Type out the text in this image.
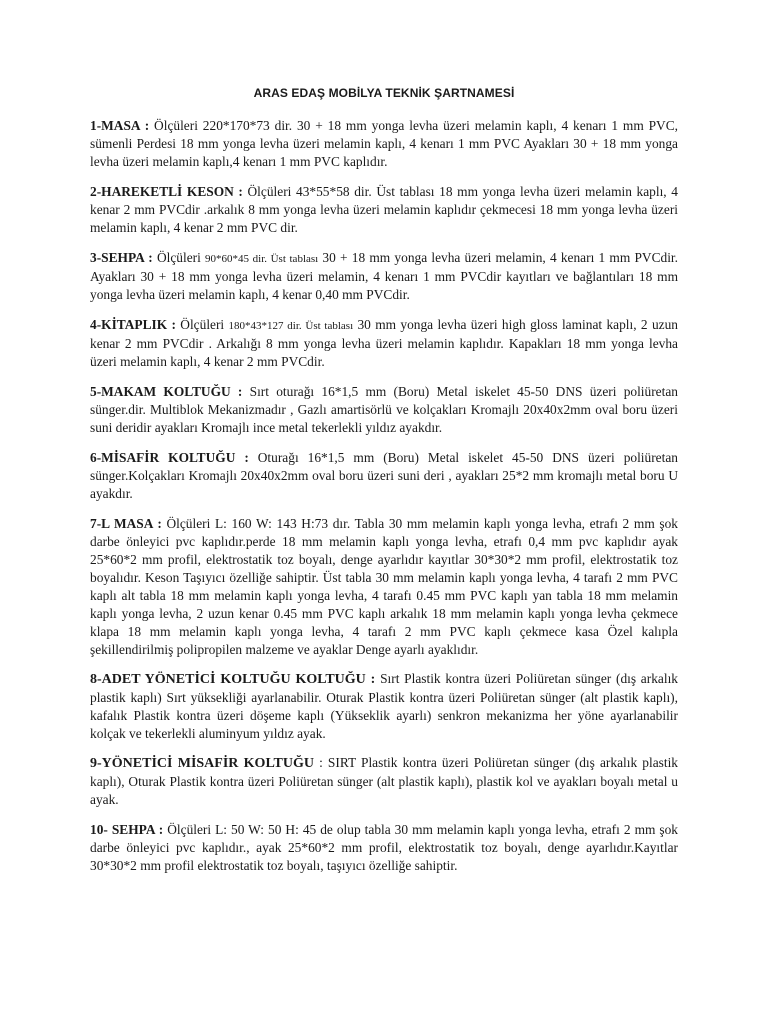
ARAS EDAŞ MOBİLYA TEKNİK ŞARTNAMESİ

1-MASA : Ölçüleri 220*170*73 dir. 30 + 18 mm yonga levha üzeri melamin kaplı, 4 kenarı 1 mm PVC, sümenli Perdesi 18 mm yonga levha üzeri melamin kaplı, 4 kenarı 1 mm PVC Ayakları 30 + 18 mm yonga levha üzeri melamin kaplı,4 kenarı 1 mm PVC kaplıdır.

2-HAREKETLİ KESON : Ölçüleri 43*55*58 dir. Üst tablası 18 mm yonga levha üzeri melamin kaplı, 4 kenar 2 mm PVCdir .arkalık 8 mm yonga levha üzeri melamin kaplıdır çekmecesi 18 mm yonga levha üzeri melamin kaplı, 4 kenar 2 mm PVC dir.

3-SEHPA : Ölçüleri 90*60*45 dir. Üst tablası 30 + 18 mm yonga levha üzeri melamin, 4 kenarı 1 mm PVCdir. Ayakları 30 + 18 mm yonga levha üzeri melamin, 4 kenarı 1 mm PVCdir kayıtları ve bağlantıları 18 mm yonga levha üzeri melamin kaplı, 4 kenar 0,40 mm PVCdir.

4-KİTAPLIK : Ölçüleri 180*43*127 dir. Üst tablası 30 mm yonga levha üzeri high gloss laminat kaplı, 2 uzun kenar 2 mm PVCdir . Arkalığı 8 mm yonga levha üzeri melamin kaplıdır. Kapakları 18 mm yonga levha üzeri melamin kaplı, 4 kenar 2 mm PVCdir.

5-MAKAM KOLTUĞU : Sırt oturağı 16*1,5 mm (Boru) Metal iskelet 45-50 DNS üzeri poliüretan sünger.dir. Multiblok Mekanizmadır , Gazlı amartisörlü ve kolçakları Kromajlı 20x40x2mm oval boru üzeri suni deridir ayakları Kromajlı ince metal tekerlekli yıldız ayakdır.

6-MİSAFİR KOLTUĞU : Oturağı 16*1,5 mm (Boru) Metal iskelet 45-50 DNS üzeri poliüretan sünger.Kolçakları Kromajlı 20x40x2mm oval boru üzeri suni deri , ayakları 25*2 mm kromajlı metal boru U ayakdır.

7-L MASA : Ölçüleri L: 160 W: 143 H:73 dır. Tabla 30 mm melamin kaplı yonga levha, etrafı 2 mm şok darbe önleyici pvc kaplıdır.perde 18 mm melamin kaplı yonga levha, etrafı 0,4 mm pvc kaplıdır ayak 25*60*2 mm profil, elektrostatik toz boyalı, denge ayarlıdır kayıtlar 30*30*2 mm profil, elektrostatik toz boyalıdır. Keson Taşıyıcı özelliğe sahiptir. Üst tabla 30 mm melamin kaplı yonga levha, 4 tarafı 2 mm PVC kaplı alt tabla 18 mm melamin kaplı yonga levha, 4 tarafı 0.45 mm PVC kaplı yan tabla 18 mm melamin kaplı yonga levha, 2 uzun kenar 0.45 mm PVC kaplı arkalık 18 mm melamin kaplı yonga levha çekmece klapa 18 mm melamin kaplı yonga levha, 4 tarafı 2 mm PVC kaplı çekmece kasa Özel kalıpla şekillendirilmiş polipropilen malzeme ve ayaklar Denge ayarlı ayaklıdır.

8-ADET YÖNETİCİ KOLTUĞU KOLTUĞU : Sırt Plastik kontra üzeri Poliüretan sünger (dış arkalık plastik kaplı) Sırt yüksekliği ayarlanabilir. Oturak Plastik kontra üzeri Poliüretan sünger (alt plastik kaplı), kafalık Plastik kontra üzeri döşeme kaplı (Yükseklik ayarlı) senkron mekanizma her yöne ayarlanabilir kolçak ve tekerlekli aluminyum yıldız ayak.

9-YÖNETİCİ MİSAFİR KOLTUĞU : SIRT Plastik kontra üzeri Poliüretan sünger (dış arkalık plastik kaplı), Oturak Plastik kontra üzeri Poliüretan sünger (alt plastik kaplı), plastik kol ve ayakları boyalı metal u ayak.

10- SEHPA : Ölçüleri L: 50 W: 50 H: 45 de olup tabla 30 mm melamin kaplı yonga levha, etrafı 2 mm şok darbe önleyici pvc kaplıdır., ayak 25*60*2 mm profil, elektrostatik toz boyalı, denge ayarlıdır.Kayıtlar 30*30*2 mm profil elektrostatik toz boyalı, taşıyıcı özelliğe sahiptir.
